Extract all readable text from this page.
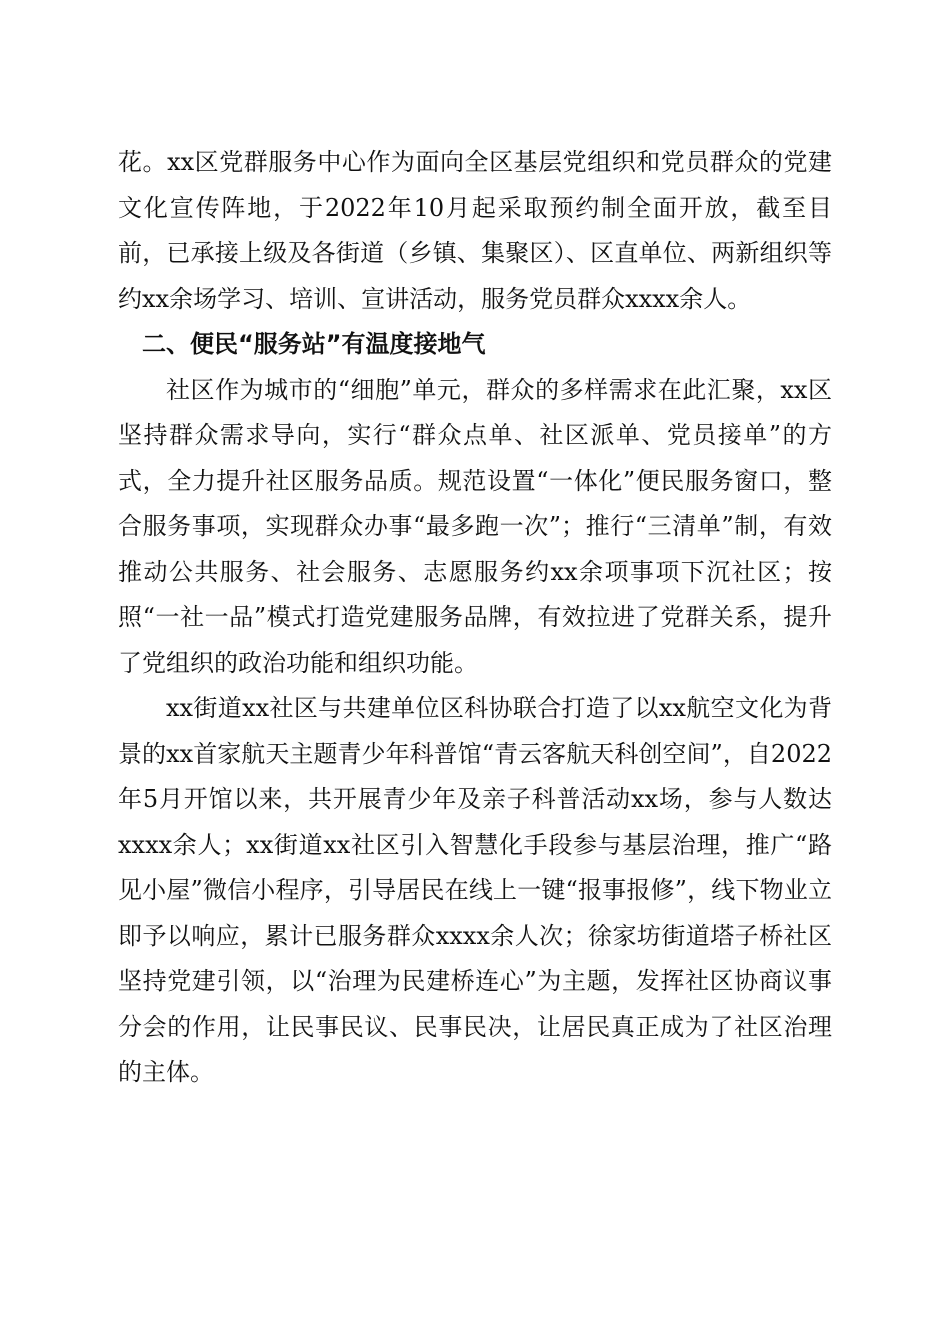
花。xx区党群服务中心作为面向全区基层党组织和党员群众的党建文化宣传阵地，于2022年10月起采取预约制全面开放，截至目前，已承接上级及各街道（乡镇、集聚区）、区直单位、两新组织等约xx余场学习、培训、宣讲活动，服务党员群众xxxx余人。

二、便民“服务站”有温度接地气

社区作为城市的“细胞”单元，群众的多样需求在此汇聚，xx区坚持群众需求导向，实行“群众点单、社区派单、党员接单”的方式，全力提升社区服务品质。规范设置“一体化”便民服务窗口，整合服务事项，实现群众办事“最多跑一次”；推行“三清单”制，有效推动公共服务、社会服务、志愿服务约xx余项事项下沉社区；按照“一社一品”模式打造党建服务品牌，有效拉进了党群关系，提升了党组织的政治功能和组织功能。

xx街道xx社区与共建单位区科协联合打造了以xx航空文化为背景的xx首家航天主题青少年科普馆“青云客航天科创空间”，自2022年5月开馆以来，共开展青少年及亲子科普活动xx场，参与人数达xxxx余人；xx街道xx社区引入智慧化手段参与基层治理，推广“路见小屋”微信小程序，引导居民在线上一键“报事报修”，线下物业立即予以响应，累计已服务群众xxxx余人次；徐家坊街道塔子桥社区坚持党建引领，以“治理为民建桥连心”为主题，发挥社区协商议事分会的作用，让民事民议、民事民决，让居民真正成为了社区治理的主体。
